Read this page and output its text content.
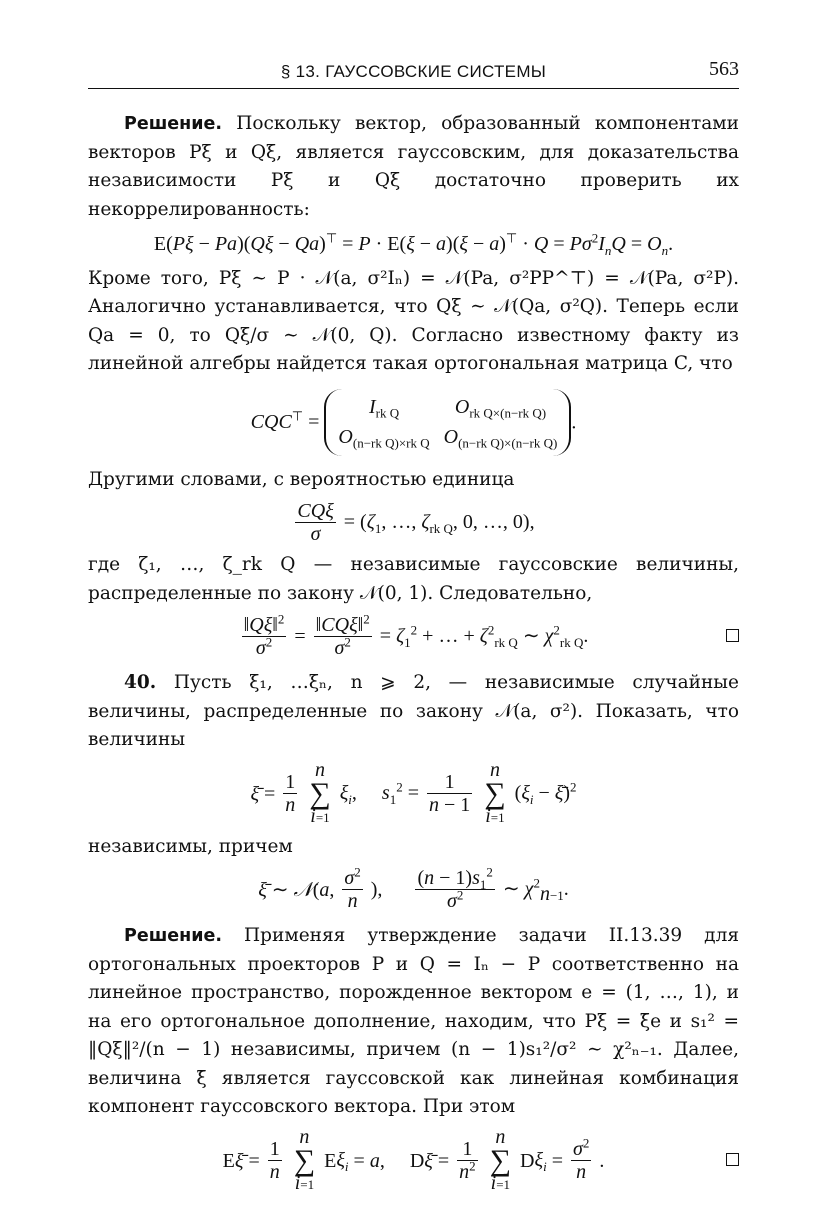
§ 13. ГАУССОВСКИЕ СИСТЕМЫ	563

Решение. Поскольку вектор, образованный компонентами векторов Pξ и Qξ, является гауссовским, для доказательства независимости Pξ и Qξ достаточно проверить их некоррелированность:

$E(P\xi - Pa)(Q\xi - Qa)^⊤ = P \cdot E(\xi - a)(\xi - a)^⊤ \cdot Q = P\sigma^2I_nQ = O_n$.

Кроме того, Pξ ∼ P · 𝒩(a, σ²Iₙ) = 𝒩(Pa, σ²PP^⊤) = 𝒩(Pa, σ²P). Аналогично устанавливается, что Qξ ∼ 𝒩(Qa, σ²Q). Теперь если Qa = 0, то Qξ/σ ∼ 𝒩(0, Q). Согласно известному факту из линейной алгебры найдется такая ортогональная матрица C, что

CQC⊤ =
$I_{rk Q}$	$O_{rk Q\times(n-rk Q)}$
$O_{(n-rk Q)\times rk Q}$ $O_{(n-rk Q)\times(n-rk Q)}$
.

Другими словами, с вероятностью единица

$\frac{\text{CQξ}}{\sigma} = (\zeta_1$, …, $\zeta_{rk Q}$, 0, …, 0),

где ζ₁, …, ζ_rk Q — независимые гауссовские величины, распределенные по закону 𝒩(0, 1). Следовательно,

$\frac{‖Q\xi‖^2}{\sigma^2} = \frac{‖CQ\xi‖^2}{\sigma^2} = \zeta_1^2$ + … + $\zeta^2_{rk Q}$ ∼ $\chi^2_{rk Q}$.

40. Пусть ξ₁, …ξₙ, n ⩾ 2, — независимые случайные величины, распределенные по закону 𝒩(a, σ²). Показать, что величины

ξ̄ = $\frac{1}{n}$

n
∑
i=1
$\xi_i$,     $s_1^2 = \frac{1}{n - 1}$

n
∑
i=1
($\xi_i$ − ξ̄)$^2$

независимы, причем

ξ̄ ∼ 𝒩(a, $\frac{\sigma^2}{n}$ ), $\frac{(n - 1)s_1^2}{\sigma^2}$ ∼ $\chi^2_{n-1}$.

Решение. Применяя утверждение задачи II.13.39 для ортогональных проекторов P и Q = Iₙ − P соответственно на линейное пространство, порожденное вектором e = (1, …, 1), и на его ортогональное дополнение, находим, что Pξ = ξ̄e и s₁² = ‖Qξ‖²/(n − 1) независимы, причем (n − 1)s₁²/σ² ∼ χ²ₙ₋₁. Далее, величина ξ̄ является гауссовской как линейная комбинация компонент гауссовского вектора. При этом

Eξ̄ = $\frac{1}{n}$

n
∑
i=1
$E\xi_i = a$,     Dξ̄ = $\frac{1}{n^2}$

n
∑
i=1
$D\xi_i = \frac{\sigma^2}{n}$ .
